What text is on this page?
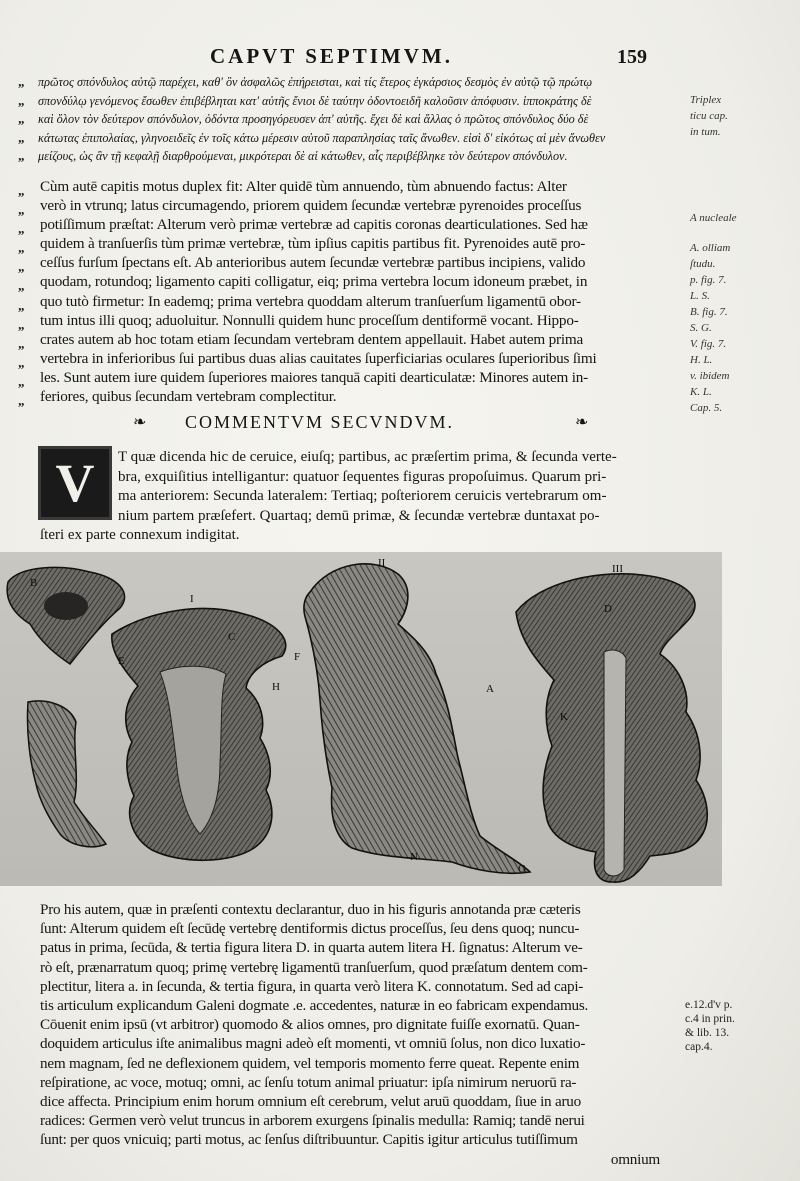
CAPVT SEPTIMVM.	159
„
„
„
„
„

πρῶτος σπόνδυλος αὐτῷ παρέχει, καθ' ὃν ἀσφαλῶς ἐπήρεισται, καὶ τίς ἕτερος ἐγκάρσιος δεσμὸς ἐν αὐτῷ τῷ πρώτῳ

σπονδύλῳ γενόμενος ἔσωθεν ἐπιβέβληται κατ' αὐτῆς ἔνιοι δὲ ταύτην ὀδοντοειδῆ καλοῦσιν ἀπόφυσιν. ἱπποκράτης δὲ

καὶ ὅλον τὸν δεύτερον σπόνδυλον, ὀδόντα προσηγόρευσεν ἀπ' αὐτῆς. ἔχει δὲ καὶ ἄλλας ὁ πρῶτος σπόνδυλος δύο δὲ

κάτωτας ἐπιπολαίας, γληνοειδεῖς ἐν τοῖς κάτω μέρεσιν αὐτοῦ παραπλησίας ταῖς ἄνωθεν. εἰσὶ δ' εἰκότως αἱ μὲν ἄνωθεν

μείζους, ὡς ἂν τῇ κεφαλῇ διαρθρούμεναι, μικρότεραι δὲ αἱ κάτωθεν, αἷς περιβέβληκε τὸν δεύτερον σπόνδυλον.

„
„
„
„
„
„
„
„
„
„
„
„

Cùm autē capitis motus duplex fit: Alter quidē tùm annuendo, tùm abnuendo factus: Alter

verò in vtrunq; latus circumagendo, priorem quidem ſecundæ vertebræ pyrenoides proceſſus

potiſſimum præſtat: Alterum verò primæ vertebræ ad capitis coronas dearticulationes. Sed hæ

quidem à tranſuerſis tùm primæ vertebræ, tùm ipſius capitis partibus fit. Pyrenoides autē pro-

ceſſus furſum ſpectans eſt. Ab anterioribus autem ſecundæ vertebræ partibus incipiens, valido

quodam, rotundoq; ligamento capiti colligatur, eiq; prima vertebra locum idoneum præbet, in

quo tutò firmetur: In eademq; prima vertebra quoddam alterum tranſuerſum ligamentū obor-

tum intus illi quoq; aduoluitur. Nonnulli quidem hunc proceſſum dentiformē vocant. Hippo-

crates autem ab hoc totam etiam ſecundam vertebram dentem appellauit. Habet autem prima

vertebra in inferioribus ſui partibus duas alias cauitates ſuperficiarias oculares ſuperioribus ſimi

les. Sunt autem iure quidem ſuperiores maiores tanquā capiti dearticulatæ: Minores autem in-

feriores, quibus ſecundam vertebram complectitur.

Triplex
ticu cap.
in tum.
A nucleale
A. olliam
ſtudu.
p. fig. 7.
L. S.
B. fig. 7.
S. G.
V. fig. 7.
H. L.
v. ibidem
K. L.
Cap. 5.
❧ COMMENTVM SECVNDVM.	❧
V	T quæ dicenda hic de ceruice, eiuſq; partibus, ac præſertim prima, & ſecunda verte-

bra, exquiſitius intelligantur: quatuor ſequentes figuras propoſuimus. Quarum pri-

ma anteriorem: Secunda lateralem: Tertiaq; poſteriorem ceruicis vertebrarum om-

nium partem præſefert. Quartaq; demū primæ, & ſecundæ vertebræ duntaxat po-

ſteri ex parte connexum indigitat.

I
II	III
A
B
C
D
E	F
G
H
K
N

Pro his autem, quæ in præſenti contextu declarantur, duo in his figuris annotanda præ cæteris

ſunt: Alterum quidem eſt ſecūdę vertebrę dentiformis dictus proceſſus, ſeu dens quoq; nuncu-

patus in prima, ſecūda, & tertia figura litera D. in quarta autem litera H. ſignatus: Alterum ve-

rò eſt, prænarratum quoq; primę vertebrę ligamentū tranſuerſum, quod præſatum dentem com-

plectitur, litera a. in ſecunda, & tertia figura, in quarta verò litera K. connotatum. Sed ad capi-

tis articulum explicandum Galeni dogmate .e. accedentes, naturæ in eo fabricam expendamus.

Cōuenit enim ipsū (vt arbitror) quomodo & alios omnes, pro dignitate fuiſſe exornatū. Quan-

doquidem articulus iſte animalibus magni adeò eſt momenti, vt omniū ſolus, non dico luxatio-

nem magnam, ſed ne deflexionem quidem, vel temporis momento ferre queat. Repente enim

reſpiratione, ac voce, motuq; omni, ac ſenſu totum animal priuatur: ipſa nimirum neruorū ra-

dice affecta. Principium enim horum omnium eſt cerebrum, velut aruū quoddam, ſiue in aruo

radices: Germen verò velut truncus in arborem exurgens ſpinalis medulla: Ramiq; tandē nerui

ſunt: per quos vnicuiq; parti motus, ac ſenſus diſtribuuntur. Capitis igitur articulus tutiſſimum

omnium

e.12.d'v p.

c.4 in prin.

& lib. 13.

cap.4.
